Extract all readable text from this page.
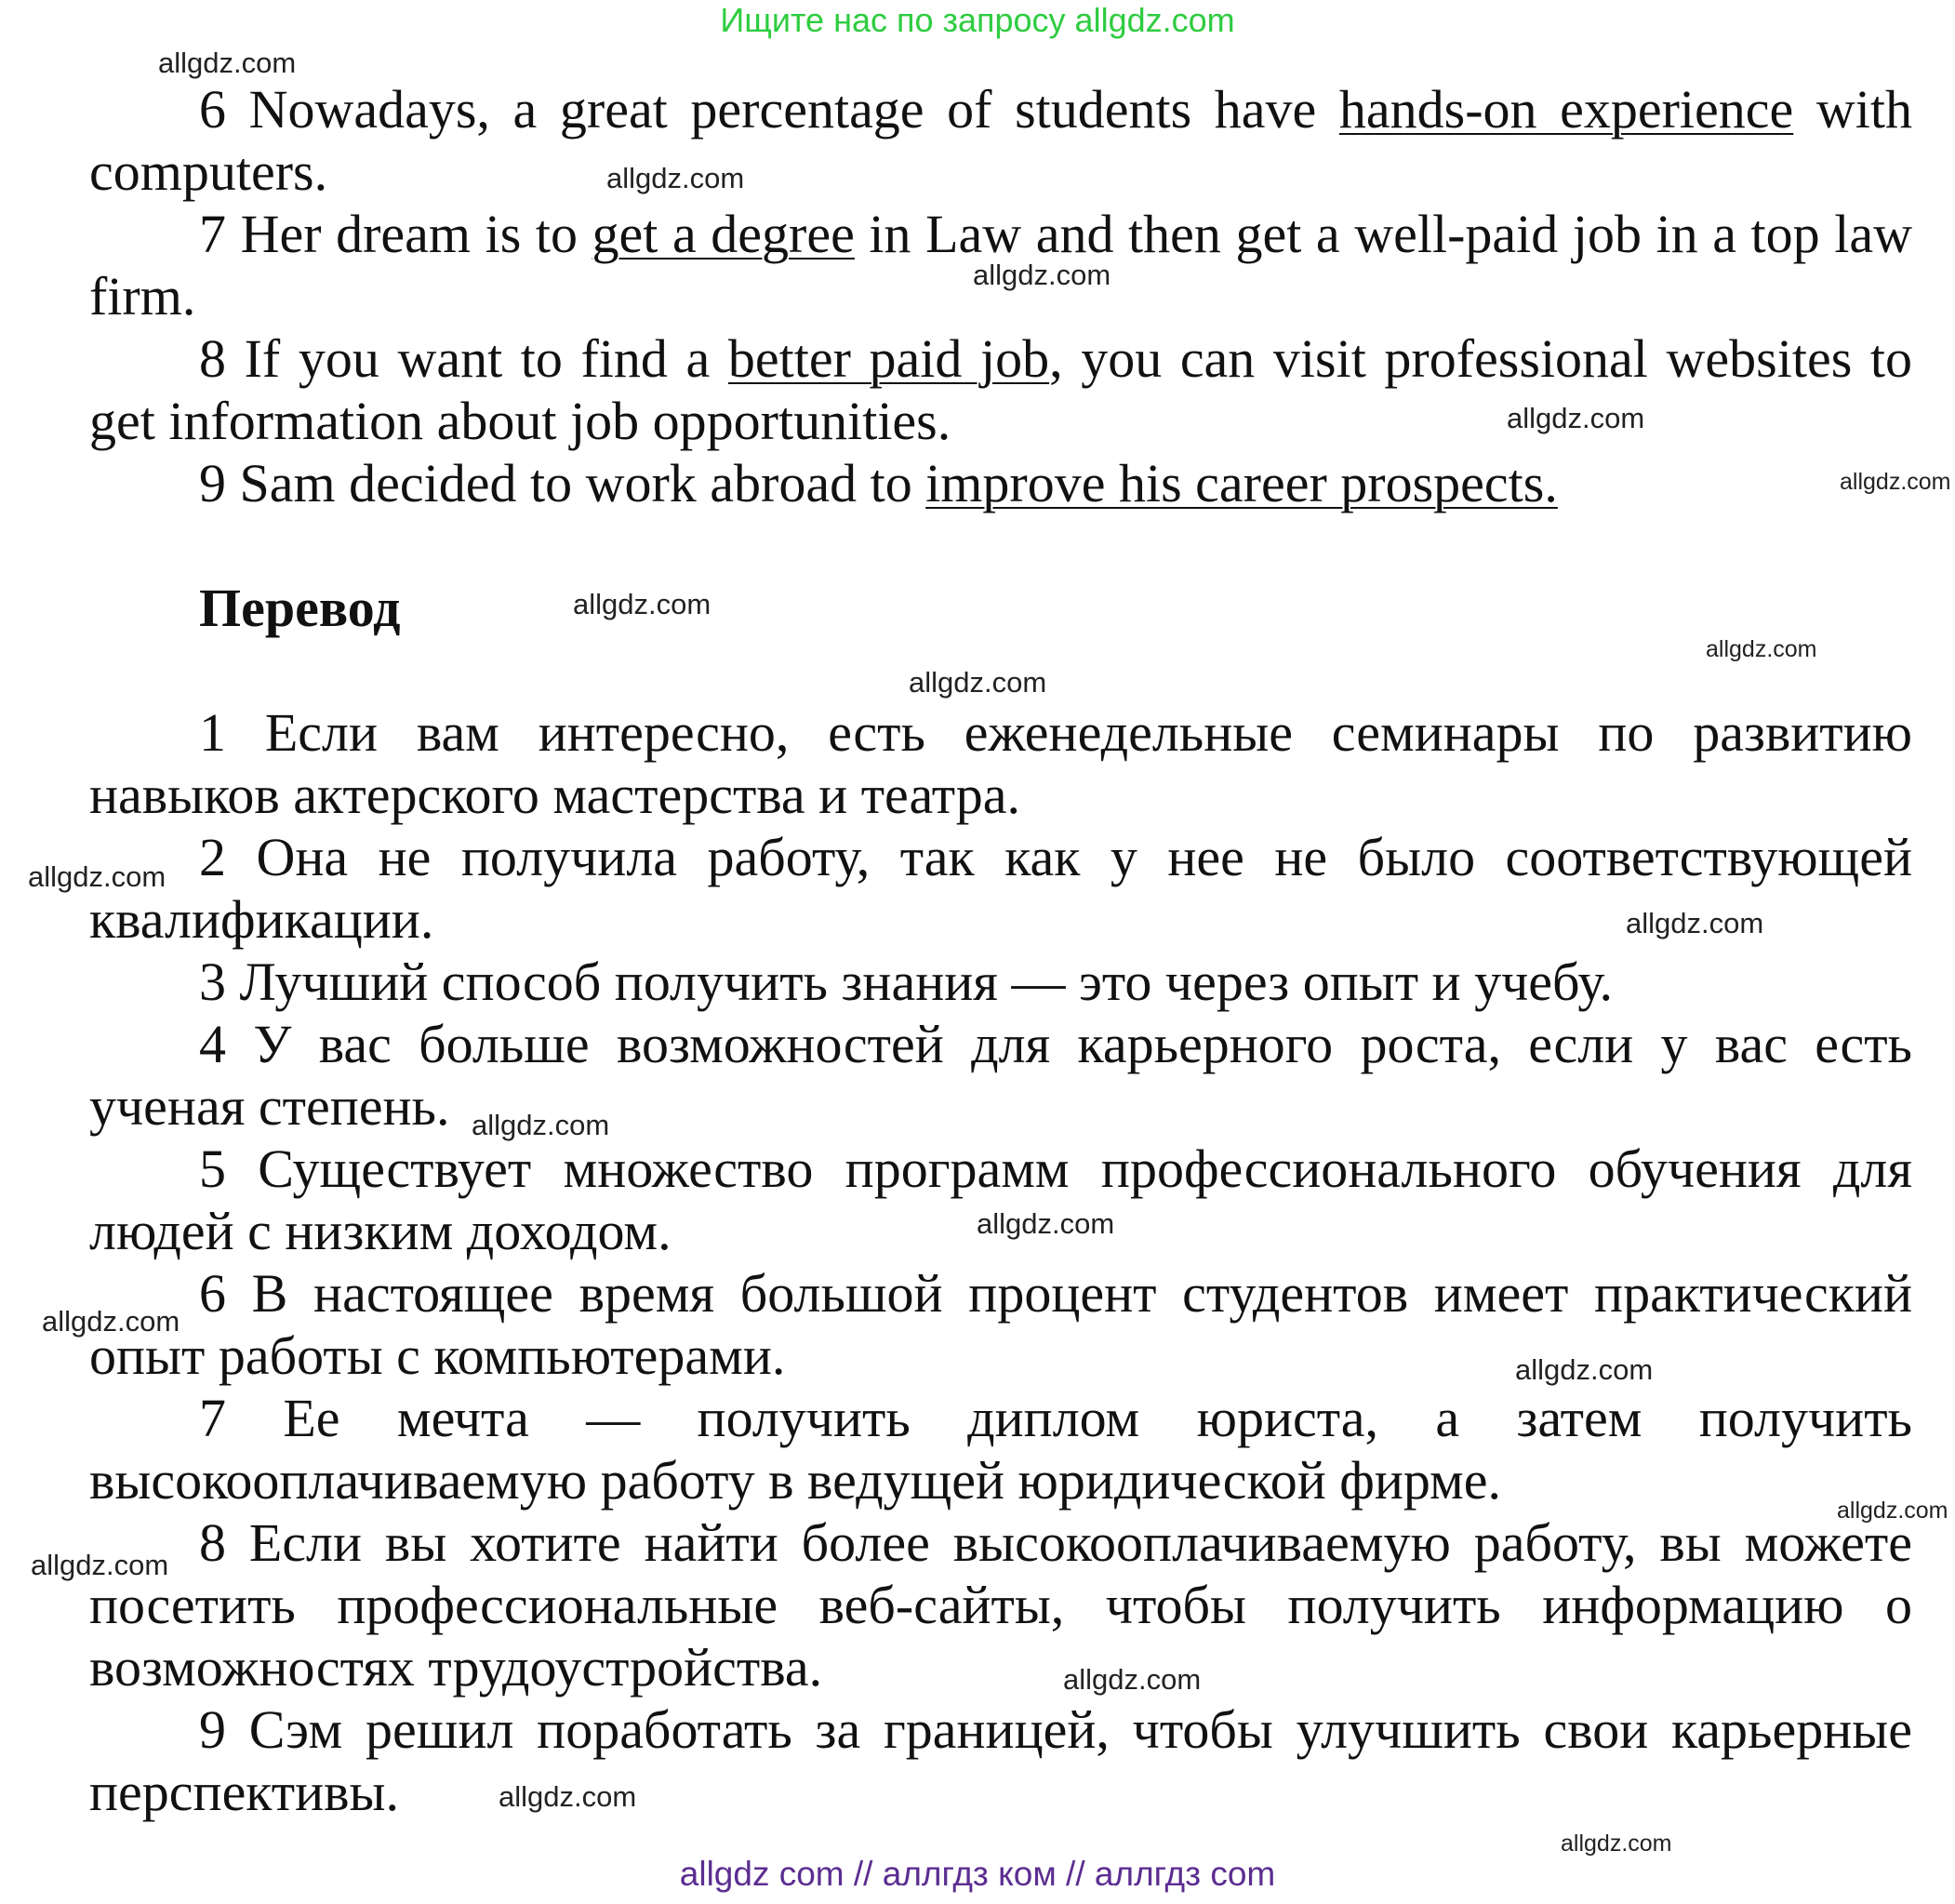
Ищите нас по запросу allgdz.com

6 Nowadays, a great percentage of students have hands-on experience with computers.

7 Her dream is to get a degree in Law and then get a well-paid job in a top law firm.

8 If you want to find a better paid job, you can visit professional websites to get information about job opportunities.

9 Sam decided to work abroad to improve his career prospects.

Перевод

1 Если вам интересно, есть еженедельные семинары по развитию навыков актерского мастерства и театра.

2 Она не получила работу, так как у нее не было соответствующей квалификации.

3 Лучший способ получить знания — это через опыт и учебу.

4 У вас больше возможностей для карьерного роста, если у вас есть ученая степень.

5 Существует множество программ профессионального обучения для людей с низким доходом.

6 В настоящее время большой процент студентов имеет практический опыт работы с компьютерами.

7 Ее мечта — получить диплом юриста, а затем получить высокооплачиваемую работу в ведущей юридической фирме.

8 Если вы хотите найти более высокооплачиваемую работу, вы можете посетить профессиональные веб-сайты, чтобы получить информацию о возможностях трудоустройства.

9 Сэм решил поработать за границей, чтобы улучшить свои карьерные перспективы.

allgdz.com
allgdz.com
allgdz.com
allgdz.com
allgdz.com
allgdz.com
allgdz.com
allgdz.com
allgdz.com
allgdz.com
allgdz.com
allgdz.com
allgdz.com
allgdz.com
allgdz.com
allgdz.com
allgdz.com
allgdz.com
allgdz.com
allgdz com // аллгдз ком // аллгдз com
